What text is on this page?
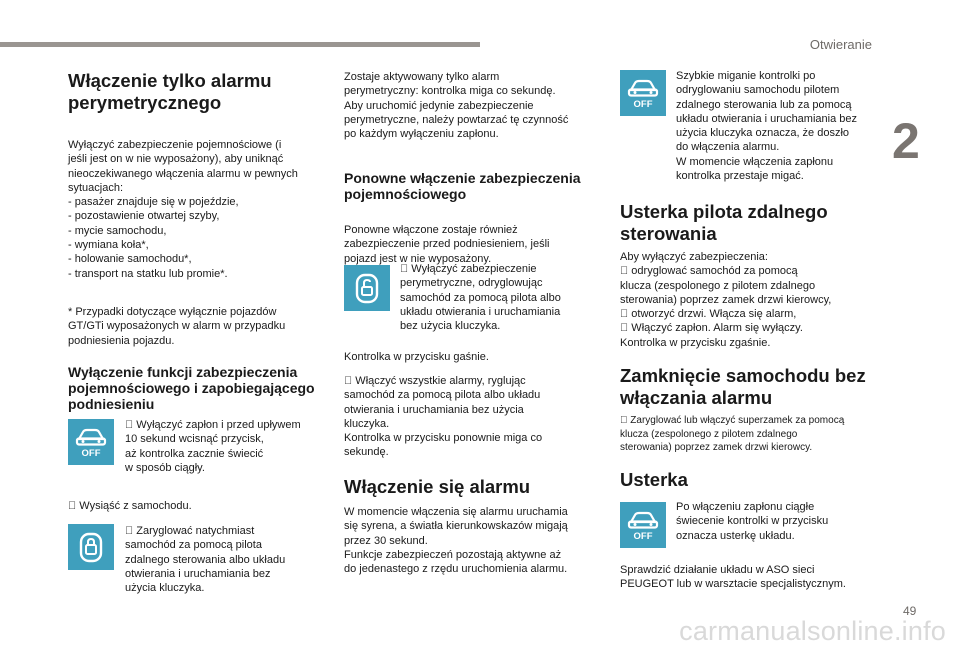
Otwieranie
2
Włączenie tylko alarmu perymetrycznego

Wyłączyć zabezpieczenie pojemnościowe (i
jeśli jest on w nie wyposażony), aby uniknąć
nieoczekiwanego włączenia alarmu w pewnych
sytuacjach:
- pasażer znajduje się w pojeździe,
- pozostawienie otwartej szyby,
- mycie samochodu,
- wymiana koła*,
- holowanie samochodu*,
- transport na statku lub promie*.

* Przypadki dotyczące wyłącznie pojazdów
GT/GTi wyposażonych w alarm w przypadku
podniesienia pojazdu.

Wyłączenie funkcji zabezpieczenia pojemnościowego i zapobiegającego podniesieniu
OFF

Wyłączyć zapłon i przed upływem
10 sekund wcisnąć przycisk,
aż kontrolka zacznie świecić
w sposób ciągły.

Wysiąść z samochodu.

Zaryglować natychmiast
samochód za pomocą pilota
zdalnego sterowania albo układu
otwierania i uruchamiania bez
użycia kluczyka.

Zostaje aktywowany tylko alarm
perymetryczny: kontrolka miga co sekundę.
Aby uruchomić jedynie zabezpieczenie
perymetryczne, należy powtarzać tę czynność
po każdym wyłączeniu zapłonu.

Ponowne włączenie zabezpieczenia pojemnościowego

Ponowne włączone zostaje również
zabezpieczenie przed podniesieniem, jeśli
pojazd jest w nie wyposażony.

Wyłączyć zabezpieczenie
perymetryczne, odryglowując
samochód za pomocą pilota albo
układu otwierania i uruchamiania
bez użycia kluczyka.

Kontrolka w przycisku gaśnie.

Włączyć wszystkie alarmy, ryglując
samochód za pomocą pilota albo układu
otwierania i uruchamiania bez użycia
kluczyka.
Kontrolka w przycisku ponownie miga co
sekundę.

Włączenie się alarmu

W momencie włączenia się alarmu uruchamia
się syrena, a światła kierunkowskazów migają
przez 30 sekund.
Funkcje zabezpieczeń pozostają aktywne aż
do jedenastego z rzędu uruchomienia alarmu.

OFF

Szybkie miganie kontrolki po
odryglowaniu samochodu pilotem
zdalnego sterowania lub za pomocą
układu otwierania i uruchamiania bez
użycia kluczyka oznacza, że doszło
do włączenia alarmu.
W momencie włączenia zapłonu
kontrolka przestaje migać.

Usterka pilota zdalnego sterowania

Aby wyłączyć zabezpieczenia:
odryglować samochód za pomocą
klucza (zespolonego z pilotem zdalnego
sterowania) poprzez zamek drzwi kierowcy,
otworzyć drzwi. Włącza się alarm,
Włączyć zapłon. Alarm się wyłączy.
Kontrolka w przycisku zgaśnie.

Zamknięcie samochodu bez włączania alarmu

Zaryglować lub włączyć superzamek za pomocą
klucza (zespolonego z pilotem zdalnego
sterowania) poprzez zamek drzwi kierowcy.

Usterka
OFF

Po włączeniu zapłonu ciągłe
świecenie kontrolki w przycisku
oznacza usterkę układu.

Sprawdzić działanie układu w ASO sieci
PEUGEOT lub w warsztacie specjalistycznym.

49
carmanualsonline.info
